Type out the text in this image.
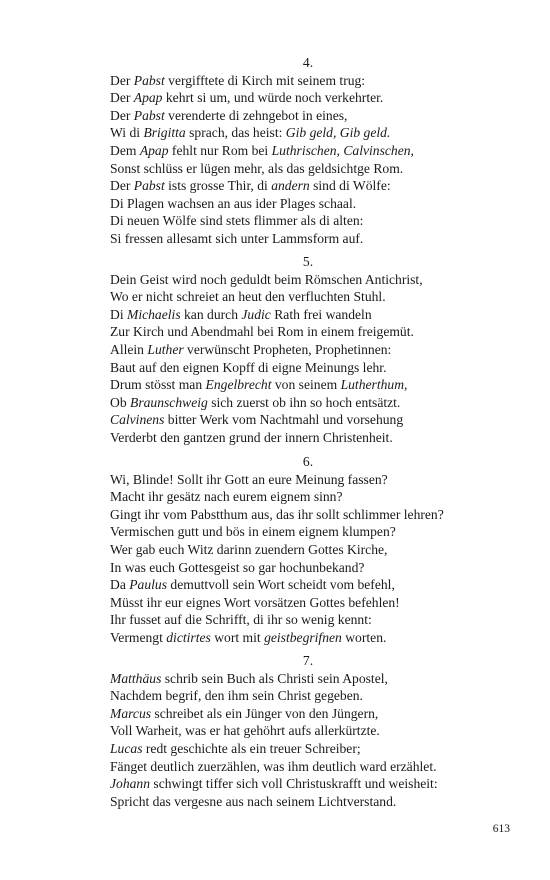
4.
Der Pabst vergifftete di Kirch mit seinem trug:
Der Apap kehrt si um, und würde noch verkehrter.
Der Pabst verenderte di zehngebot in eines,
Wi di Brigitta sprach, das heist: Gib geld, Gib geld.
Dem Apap fehlt nur Rom bei Luthrischen, Calvinschen,
Sonst schlüss er lügen mehr, als das geldsichtge Rom.
Der Pabst ists grosse Thir, di andern sind di Wölfe:
Di Plagen wachsen an aus ider Plages schaal.
Di neuen Wölfe sind stets flimmer als di alten:
Si fressen allesamt sich unter Lammsform auf.
5.
Dein Geist wird noch geduldt beim Römschen Antichrist,
Wo er nicht schreiet an heut den verfluchten Stuhl.
Di Michaelis kan durch Judic Rath frei wandeln
Zur Kirch und Abendmahl bei Rom in einem freigemüt.
Allein Luther verwünscht Propheten, Prophetinnen:
Baut auf den eignen Kopff di eigne Meinungs lehr.
Drum stösst man Engelbrecht von seinem Lutherthum,
Ob Braunschweig sich zuerst ob ihn so hoch entsätzt.
Calvinens bitter Werk vom Nachtmahl und vorsehung
Verderbt den gantzen grund der innern Christenheit.
6.
Wi, Blinde! Sollt ihr Gott an eure Meinung fassen?
Macht ihr gesätz nach eurem eignem sinn?
Gingt ihr vom Pabstthum aus, das ihr sollt schlimmer lehren?
Vermischen gutt und bös in einem eignem klumpen?
Wer gab euch Witz darinn zuendern Gottes Kirche,
In was euch Gottesgeist so gar hochunbekand?
Da Paulus demuttvoll sein Wort scheidt vom befehl,
Müsst ihr eur eignes Wort vorsätzen Gottes befehlen!
Ihr fusset auf die Schrifft, di ihr so wenig kennt:
Vermengt dictirtes wort mit geistbegrifnen worten.
7.
Matthäus schrib sein Buch als Christi sein Apostel,
Nachdem begrif, den ihm sein Christ gegeben.
Marcus schreibet als ein Jünger von den Jüngern,
Voll Warheit, was er hat gehöhrt aufs allerkürtzte.
Lucas redt geschichte als ein treuer Schreiber;
Fänget deutlich zuerzählen, was ihm deutlich ward erzählet.
Johann schwingt tiffer sich voll Christuskrafft und weisheit:
Spricht das vergesne aus nach seinem Lichtverstand.
613
